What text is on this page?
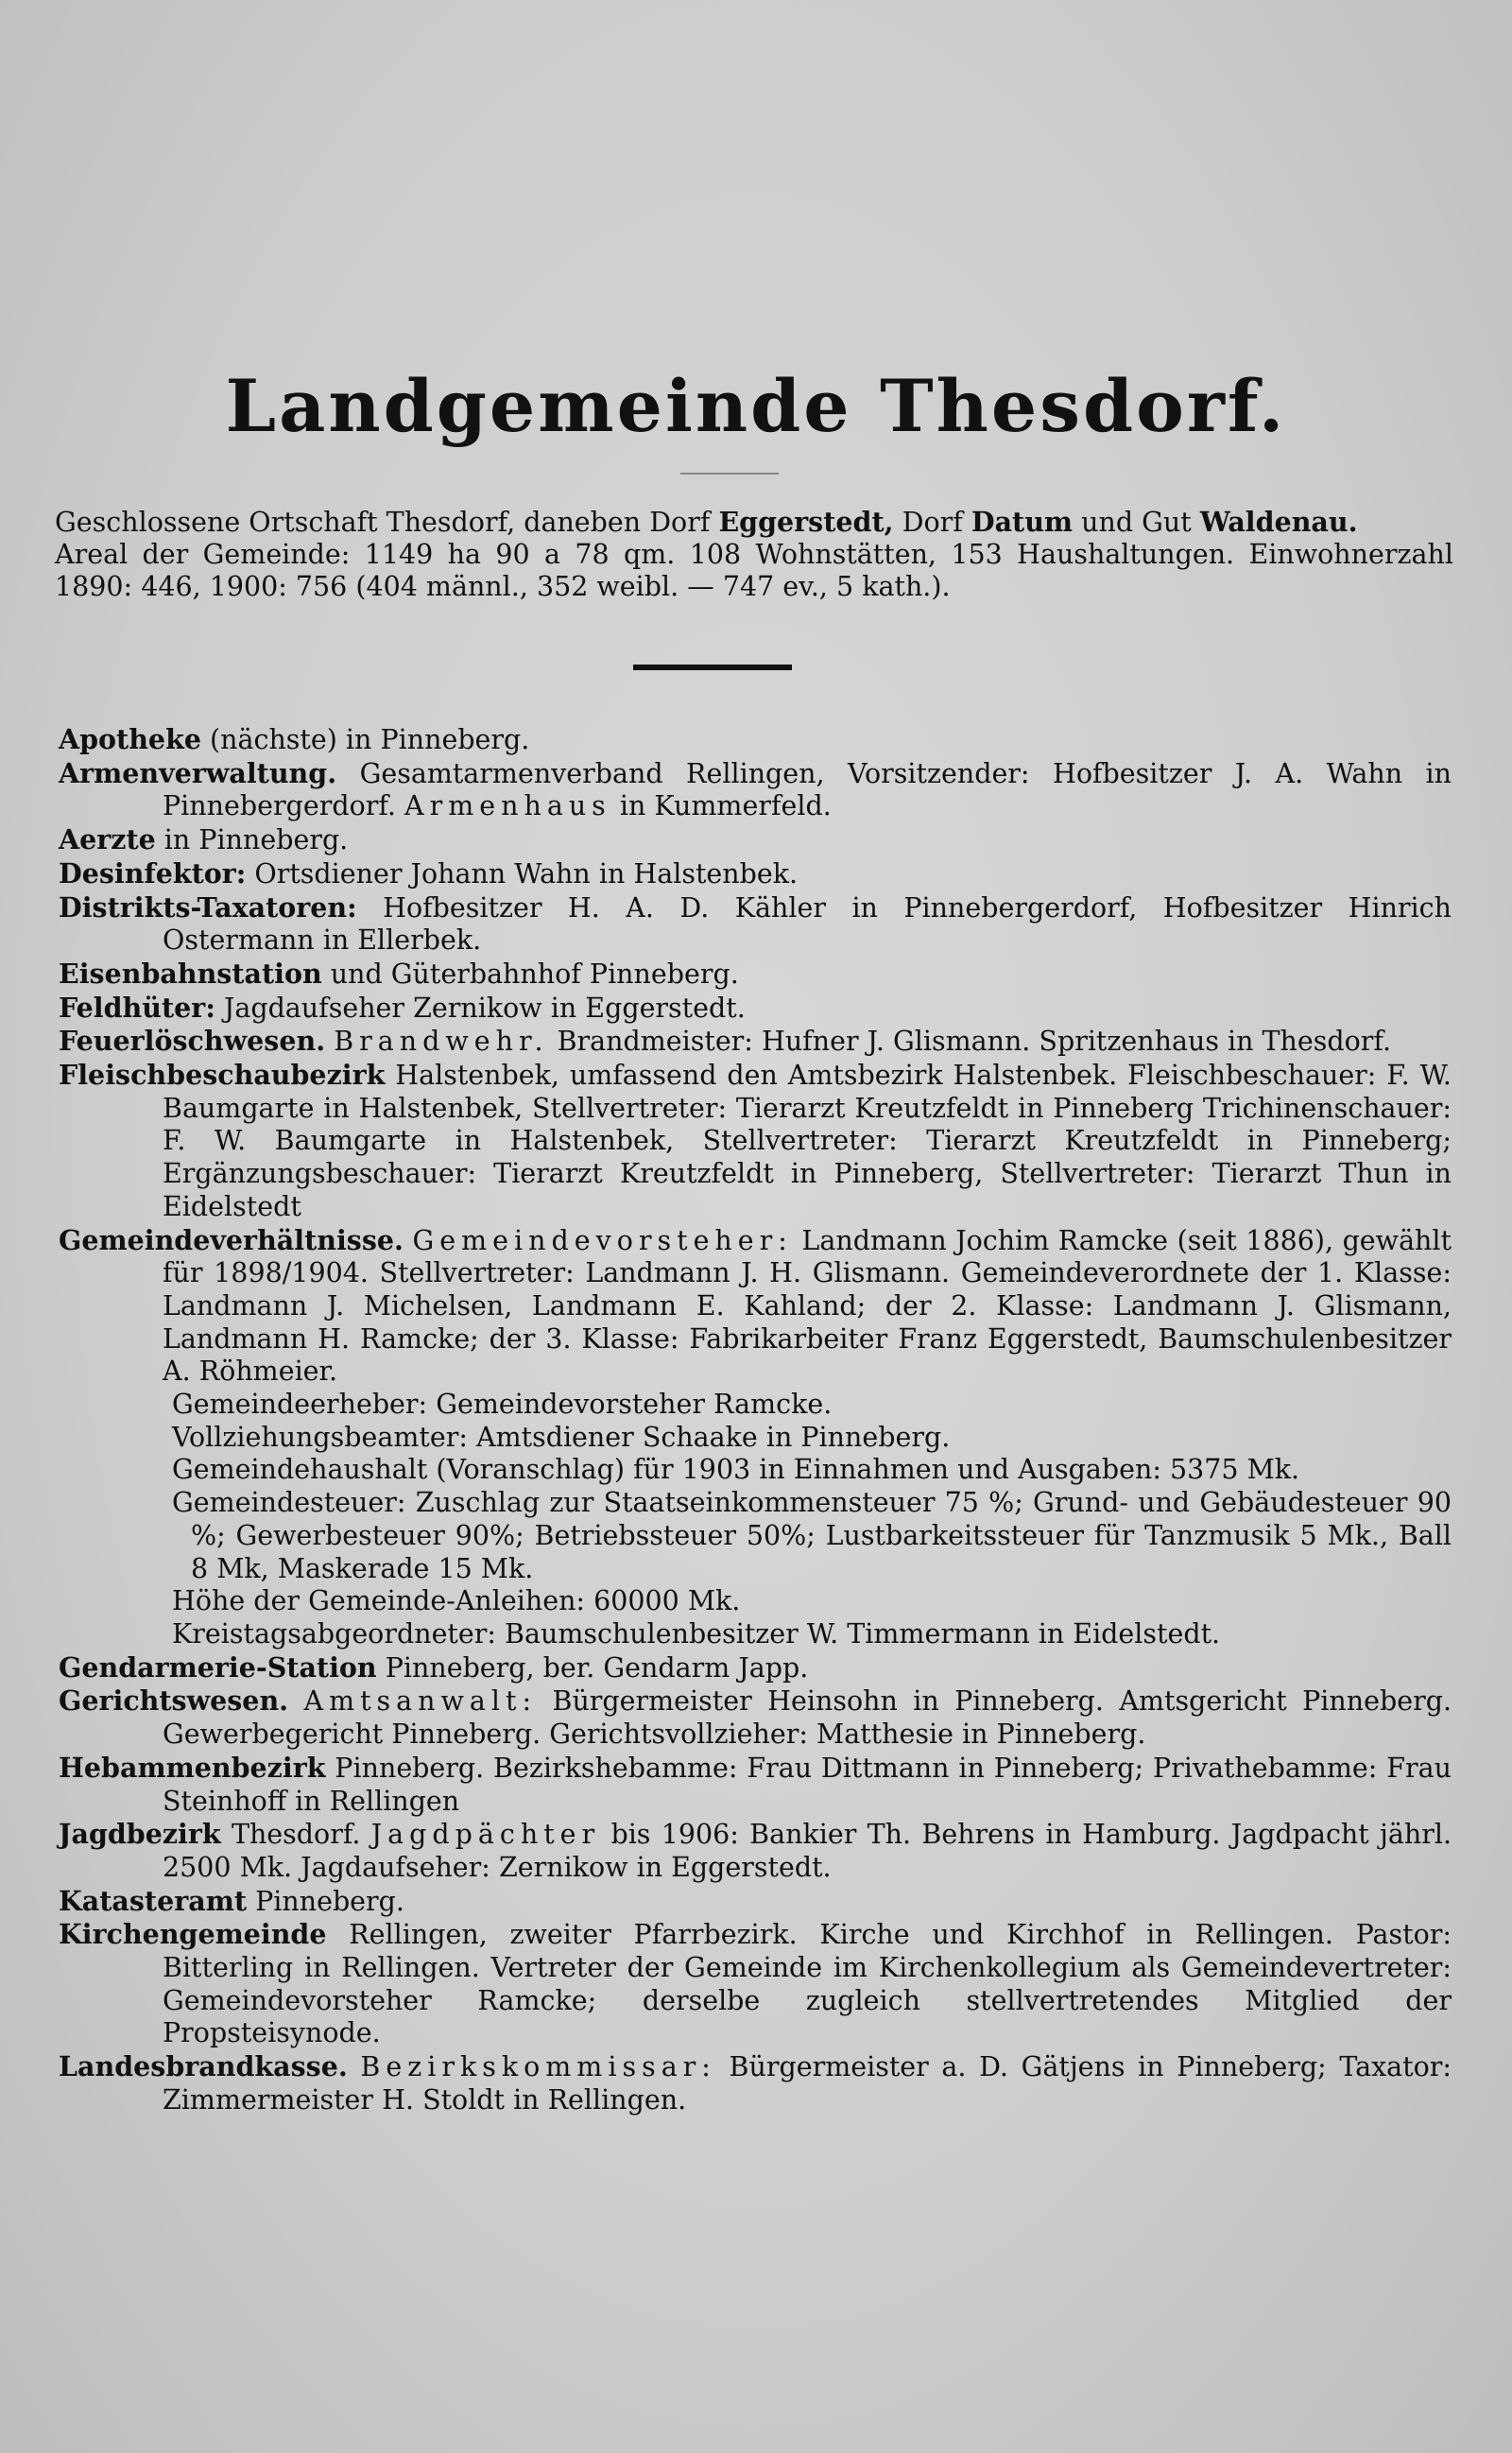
Landgemeinde Thesdorf.

Geschlossene Ortschaft Thesdorf, daneben Dorf Eggerstedt, Dorf Datum und Gut Waldenau.

Areal der Gemeinde: 1149 ha 90 a 78 qm. 108 Wohnstätten, 153 Haushaltungen. Einwohnerzahl 1890: 446, 1900: 756 (404 männl., 352 weibl. — 747 ev., 5 kath.).

Apotheke (nächste) in Pinneberg.

Armenverwaltung. Gesamtarmenverband Rellingen, Vorsitzender: Hofbesitzer J. A. Wahn in Pinnebergerdorf. Armenhaus in Kummerfeld.

Aerzte in Pinneberg.

Desinfektor: Ortsdiener Johann Wahn in Halstenbek.

Distrikts-Taxatoren: Hofbesitzer H. A. D. Kähler in Pinnebergerdorf, Hofbesitzer Hinrich Ostermann in Ellerbek.

Eisenbahnstation und Güterbahnhof Pinneberg.

Feldhüter: Jagdaufseher Zernikow in Eggerstedt.

Feuerlöschwesen. Brandwehr. Brandmeister: Hufner J. Glismann. Spritzenhaus in Thesdorf.

Fleischbeschaubezirk Halstenbek, umfassend den Amtsbezirk Halstenbek. Fleischbeschauer: F. W. Baumgarte in Halstenbek, Stellvertreter: Tierarzt Kreutzfeldt in Pinneberg Trichinenschauer: F. W. Baumgarte in Halstenbek, Stellvertreter: Tierarzt Kreutzfeldt in Pinneberg; Ergänzungsbeschauer: Tierarzt Kreutzfeldt in Pinneberg, Stellvertreter: Tierarzt Thun in Eidelstedt

Gemeindeverhältnisse. Gemeindevorsteher: Landmann Jochim Ramcke (seit 1886), gewählt für 1898/1904. Stellvertreter: Landmann J. H. Glismann. Gemeindeverordnete der 1. Klasse: Landmann J. Michelsen, Landmann E. Kahland; der 2. Klasse: Landmann J. Glismann, Landmann H. Ramcke; der 3. Klasse: Fabrikarbeiter Franz Eggerstedt, Baumschulenbesitzer A. Röhmeier.

Gemeindeerheber: Gemeindevorsteher Ramcke.

Vollziehungsbeamter: Amtsdiener Schaake in Pinneberg.

Gemeindehaushalt (Voranschlag) für 1903 in Einnahmen und Ausgaben: 5375 Mk.

Gemeindesteuer: Zuschlag zur Staatseinkommensteuer 75 %; Grund- und Gebäudesteuer 90 %; Gewerbesteuer 90%; Betriebssteuer 50%; Lustbarkeitssteuer für Tanzmusik 5 Mk., Ball 8 Mk, Maskerade 15 Mk.

Höhe der Gemeinde-Anleihen: 60000 Mk.

Kreistagsabgeordneter: Baumschulenbesitzer W. Timmermann in Eidelstedt.

Gendarmerie-Station Pinneberg, ber. Gendarm Japp.

Gerichtswesen. Amtsanwalt: Bürgermeister Heinsohn in Pinneberg. Amtsgericht Pinneberg. Gewerbegericht Pinneberg. Gerichtsvollzieher: Matthesie in Pinneberg.

Hebammenbezirk Pinneberg. Bezirkshebamme: Frau Dittmann in Pinneberg; Privathebamme: Frau Steinhoff in Rellingen

Jagdbezirk Thesdorf. Jagdpächter bis 1906: Bankier Th. Behrens in Hamburg. Jagdpacht jährl. 2500 Mk. Jagdaufseher: Zernikow in Eggerstedt.

Katasteramt Pinneberg.

Kirchengemeinde Rellingen, zweiter Pfarrbezirk. Kirche und Kirchhof in Rellingen. Pastor: Bitterling in Rellingen. Vertreter der Gemeinde im Kirchenkollegium als Gemeindevertreter: Gemeindevorsteher Ramcke; derselbe zugleich stellvertretendes Mitglied der Propsteisynode.

Landesbrandkasse. Bezirkskommissar: Bürgermeister a. D. Gätjens in Pinneberg; Taxator: Zimmermeister H. Stoldt in Rellingen.
